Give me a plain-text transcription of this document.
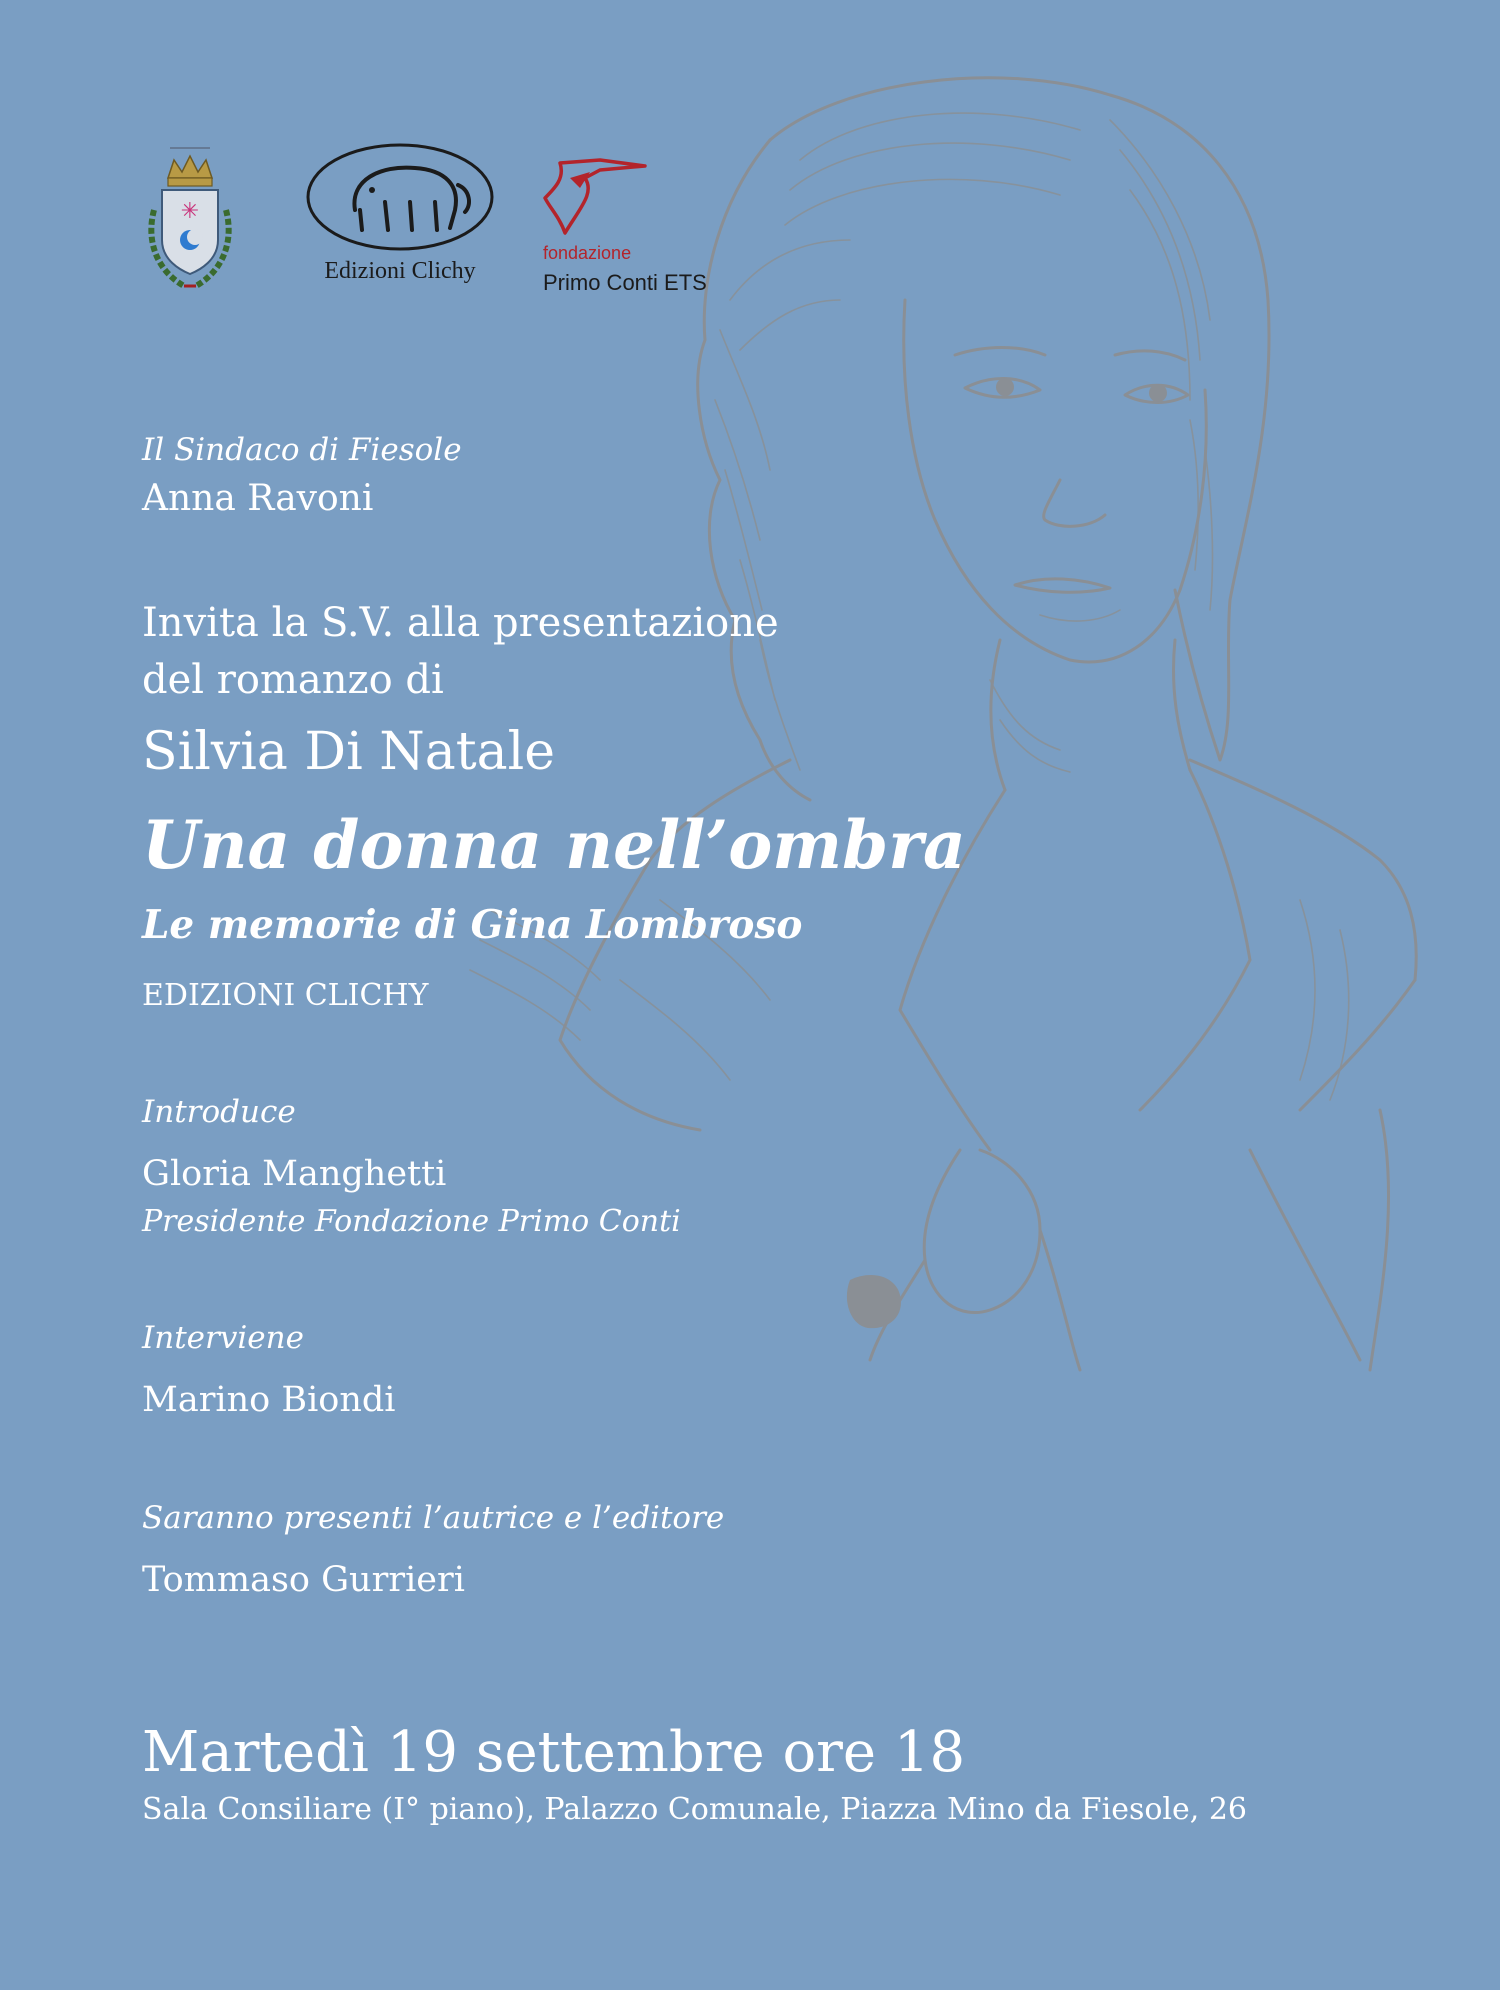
✳
Edizioni Clichy
fondazione
Primo Conti ETS
Il Sindaco di Fiesole
Anna Ravoni
Invita la S.V. alla presentazione
del romanzo di
Silvia Di Natale
Una donna nell’ombra
Le memorie di Gina Lombroso
EDIZIONI CLICHY
Introduce
Gloria Manghetti
Presidente Fondazione Primo Conti
Interviene
Marino Biondi
Saranno presenti l’autrice e l’editore
Tommaso Gurrieri
Martedì 19 settembre ore 18
Sala Consiliare (I° piano), Palazzo Comunale, Piazza Mino da Fiesole, 26
